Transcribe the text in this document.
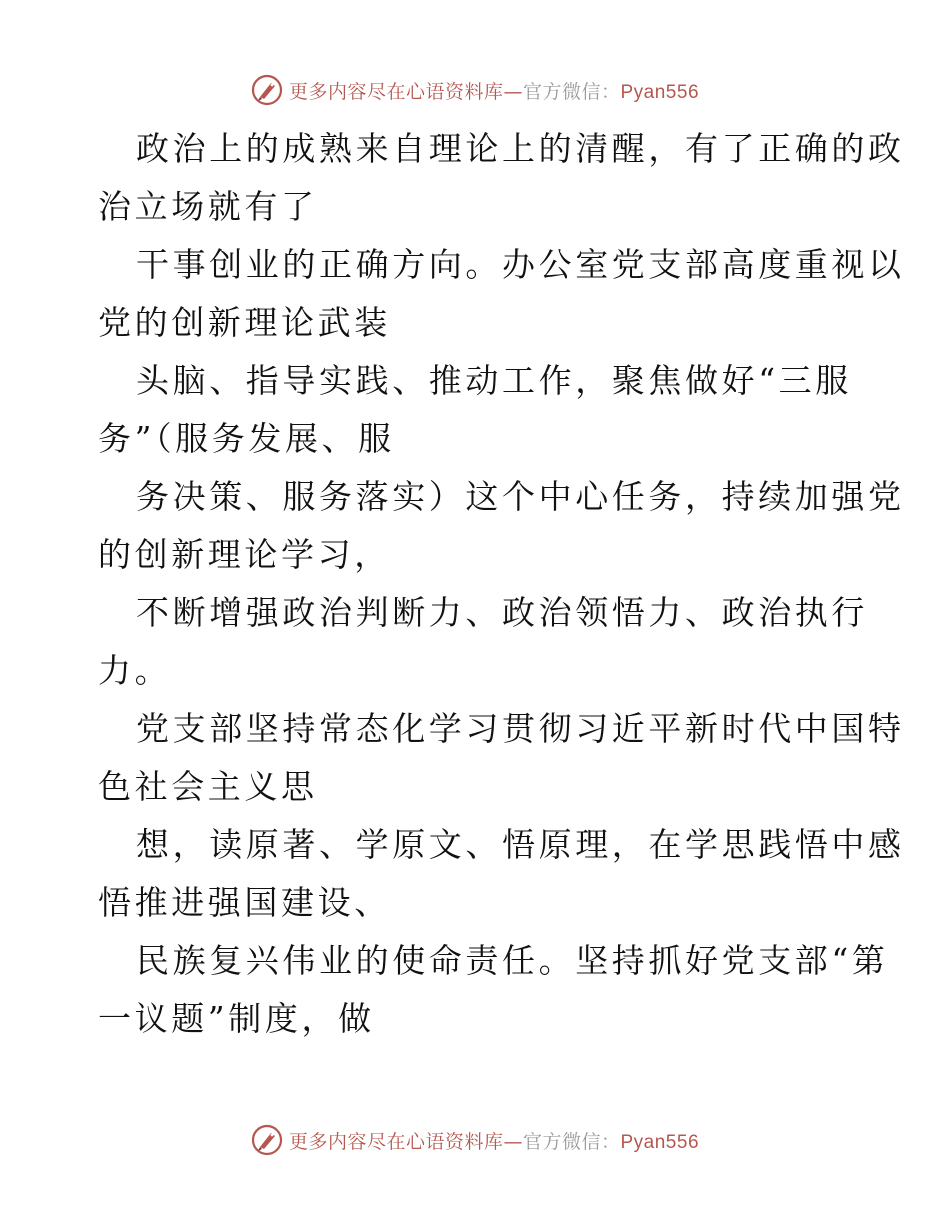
更多内容尽在心语资料库—官方微信：Pyan556
政治上的成熟来自理论上的清醒，有了正确的政
治立场就有了
干事创业的正确方向。办公室党支部高度重视以
党的创新理论武装
头脑、指导实践、推动工作，聚焦做好“三服
务”（服务发展、服
务决策、服务落实）这个中心任务，持续加强党
的创新理论学习，
不断增强政治判断力、政治领悟力、政治执行
力。
党支部坚持常态化学习贯彻习近平新时代中国特
色社会主义思
想，读原著、学原文、悟原理，在学思践悟中感
悟推进强国建设、
民族复兴伟业的使命责任。坚持抓好党支部“第
一议题”制度，做
更多内容尽在心语资料库—官方微信：Pyan556
